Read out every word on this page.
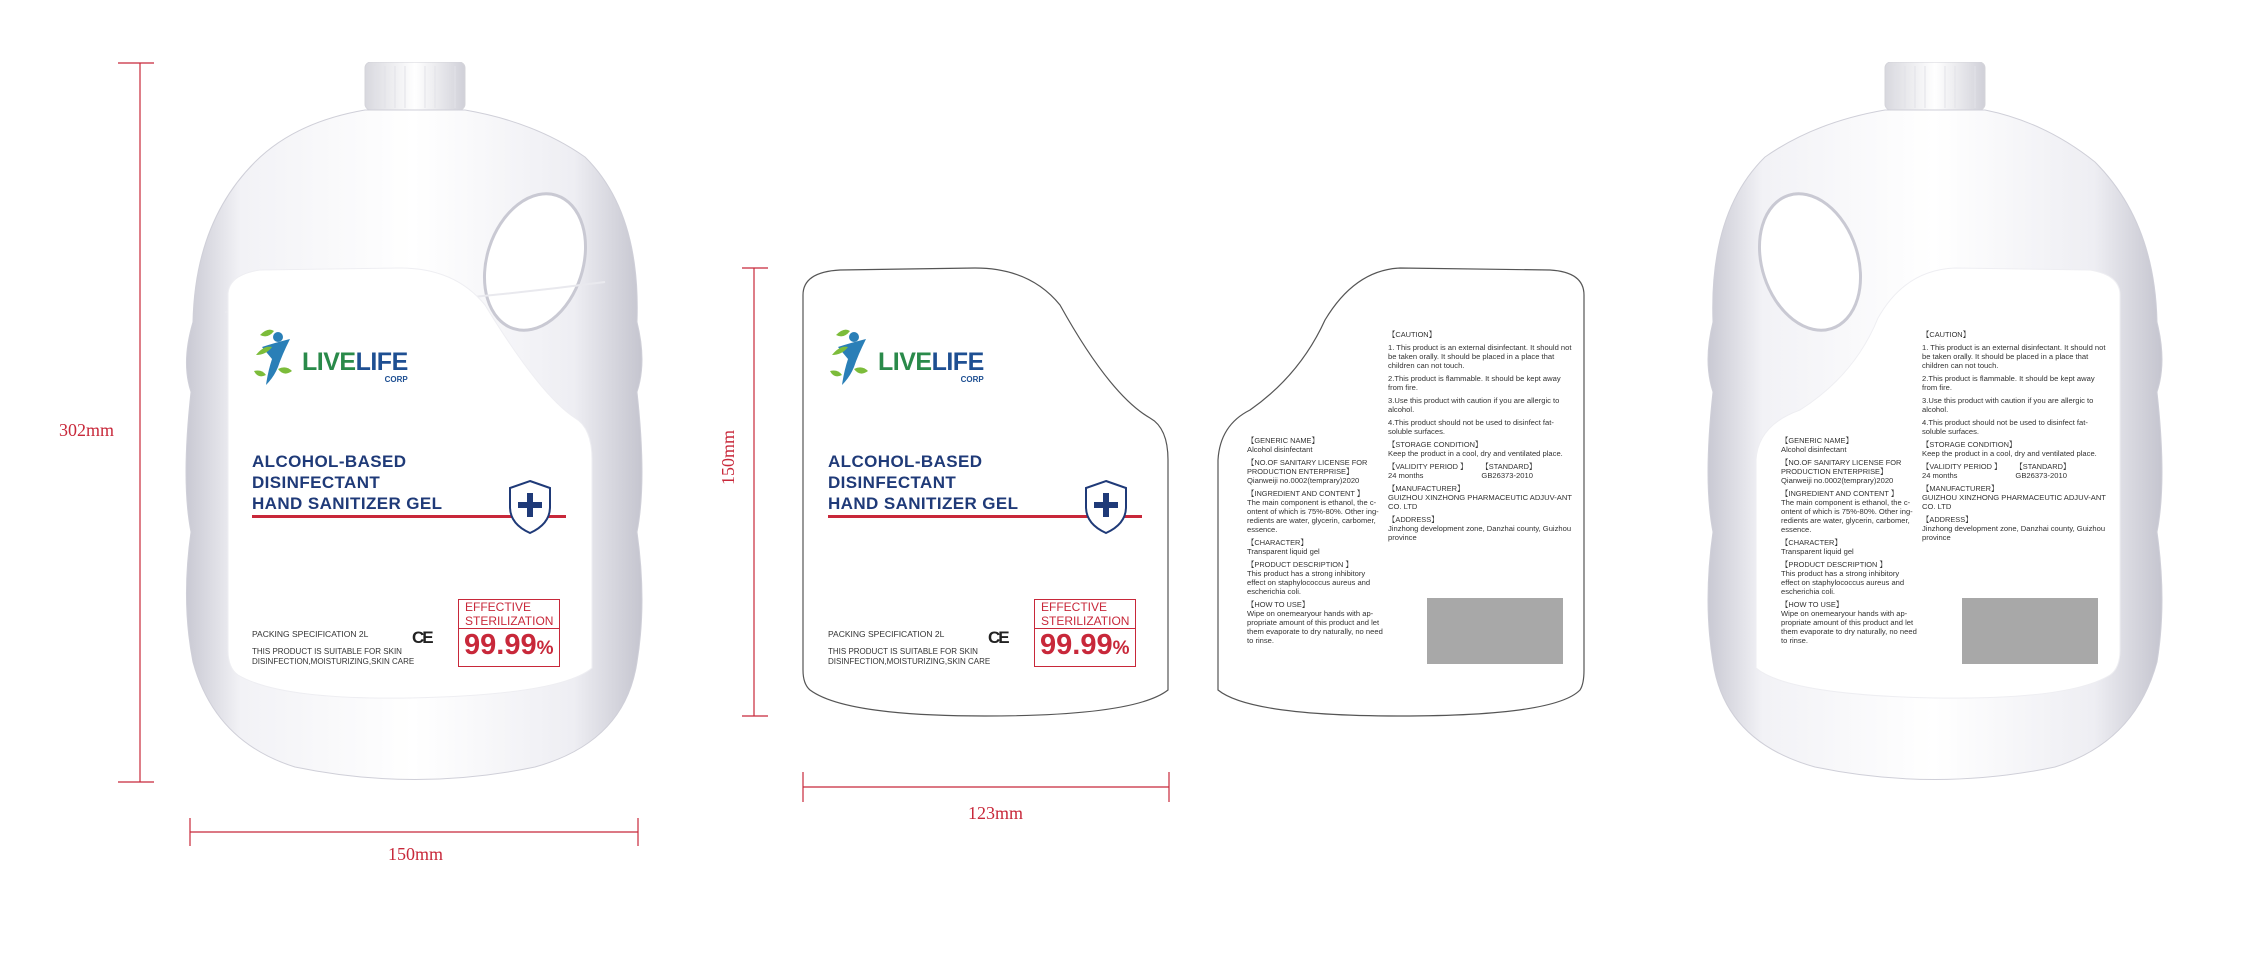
302mm
150mm
150mm
123mm
LIVELIFE
CORP
ALCOHOL-BASED
DISINFECTANT
HAND SANITIZER GEL
PACKING SPECIFICATION 2L
THIS PRODUCT IS SUITABLE FOR SKIN
DISINFECTION,MOISTURIZING,SKIN CARE
CE
EFFECTIVE
STERILIZATION
99.99%
LIVELIFE
CORP
ALCOHOL-BASED
DISINFECTANT
HAND SANITIZER GEL
PACKING SPECIFICATION 2L
THIS PRODUCT IS SUITABLE FOR SKIN
DISINFECTION,MOISTURIZING,SKIN CARE
CE
EFFECTIVE
STERILIZATION
99.99%
【CAUTION】
1. This product is an external disinfectant. It should not be taken orally. It should be placed in a place that children can not touch.
2.This product is flammable. It should be kept away from fire.
3.Use this product with caution if you are allergic to alcohol.
4.This product should not be used to disinfect fat-soluble surfaces.
【STORAGE CONDITION】
Keep the product in a cool, dry and ventilated place.
【VALIDITY PERIOD 】
24 months
【STANDARD】
GB26373-2010
【MANUFACTURER】
GUIZHOU XINZHONG PHARMACEUTIC ADJUV-ANT CO. LTD
【ADDRESS】
Jinzhong development zone, Danzhai county, Guizhou province
【GENERIC NAME】
Alcohol disinfectant
【NO.OF SANITARY LICENSE FOR PRODUCTION ENTERPRISE】
Qianweiji no.0002(temprary)2020
【INGREDIENT AND CONTENT 】
The main component is ethanol, the c-ontent of which is 75%-80%. Other ing-redients are water, glycerin, carbomer, essence.
【CHARACTER】
Transparent liquid gel
【PRODUCT DESCRIPTION 】
This product has a strong inhibitory effect on staphylococcus aureus and escherichia coli.
【HOW TO USE】
Wipe on onemearyour hands with ap-propriate amount of this product and let them evaporate to dry naturally, no need to rinse.
【CAUTION】
1. This product is an external disinfectant. It should not be taken orally. It should be placed in a place that children can not touch.
2.This product is flammable. It should be kept away from fire.
3.Use this product with caution if you are allergic to alcohol.
4.This product should not be used to disinfect fat-soluble surfaces.
【STORAGE CONDITION】
Keep the product in a cool, dry and ventilated place.
【VALIDITY PERIOD 】
24 months
【STANDARD】
GB26373-2010
【MANUFACTURER】
GUIZHOU XINZHONG PHARMACEUTIC ADJUV-ANT CO. LTD
【ADDRESS】
Jinzhong development zone, Danzhai county, Guizhou province
【GENERIC NAME】
Alcohol disinfectant
【NO.OF SANITARY LICENSE FOR PRODUCTION ENTERPRISE】
Qianweiji no.0002(temprary)2020
【INGREDIENT AND CONTENT 】
The main component is ethanol, the c-ontent of which is 75%-80%. Other ing-redients are water, glycerin, carbomer, essence.
【CHARACTER】
Transparent liquid gel
【PRODUCT DESCRIPTION 】
This product has a strong inhibitory effect on staphylococcus aureus and escherichia coli.
【HOW TO USE】
Wipe on onemearyour hands with ap-propriate amount of this product and let them evaporate to dry naturally, no need to rinse.
